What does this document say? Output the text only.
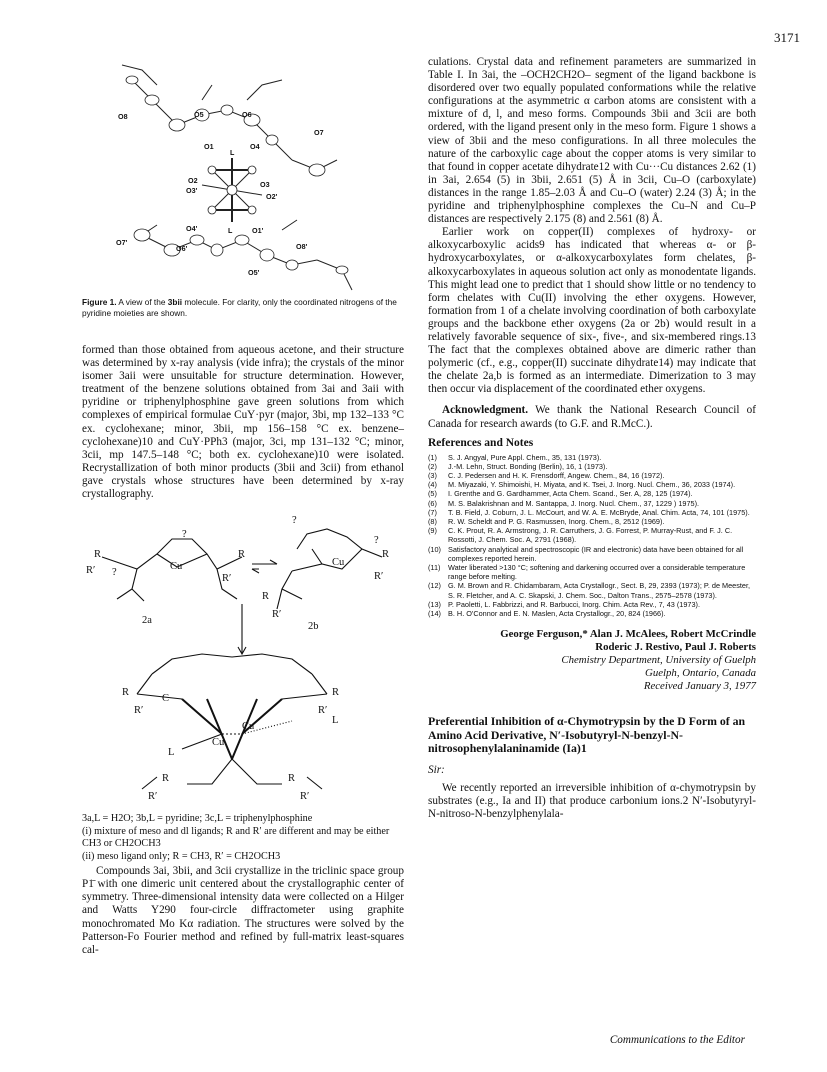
3171
O8	O5	O6
O7
O1
L
O4
O2
O3'
O3
O2'
O4'	L	O1'
O7'
O6'	O8'
O5'
Figure 1. A view of the 3bii molecule. For clarity, only the coordinated nitrogens of the pyridine moieties are shown.

formed than those obtained from aqueous acetone, and their structure was determined by x-ray analysis (vide infra); the crystals of the minor isomer 3aii were unsuitable for structure determination. However, treatment of the benzene solutions obtained from 3ai and 3aii with pyridine or triphenylphosphine gave green solutions from which complexes of empirical formulae CuY·pyr (major, 3bi, mp 132–133 °C ex. cyclohexane; minor, 3bii, mp 156–158 °C ex. benzene–cyclohexane)10 and CuY·PPh3 (major, 3ci, mp 131–132 °C; minor, 3cii, mp 147.5–148 °C; both ex. cyclohexane)10 were isolated. Recrystallization of both minor products (3bii and 3cii) from ethanol gave crystals whose structures have been determined by x-ray crystallography.

R
R′ ?
Cu
?
R
R′
2a
?
?
Cu
R
R′
R
R′
2b
R
R′
C
R
R′
Cu
Cu
L
L
R
R′
R
R′
3a,L = H2O; 3b,L = pyridine; 3c,L = triphenylphosphine
(i) mixture of meso and dl ligands; R and R′ are different and may be either CH3 or CH2OCH3
(ii) meso ligand only; R = CH3, R′ = CH2OCH3

Compounds 3ai, 3bii, and 3cii crystallize in the triclinic space group P1̄ with one dimeric unit centered about the crystallographic center of symmetry. Three-dimensional intensity data were collected on a Hilger and Watts Y290 four-circle diffractometer using graphite monochromated Mo Kα radiation. The structures were solved by the Patterson-Fo Fourier method and refined by full-matrix least-squares cal-

culations. Crystal data and refinement parameters are summarized in Table I. In 3ai, the –OCH2CH2O– segment of the ligand backbone is disordered over two equally populated conformations while the relative configurations at the asymmetric α carbon atoms are consistent with a mixture of d, l, and meso forms. Compounds 3bii and 3cii are both ordered, with the ligand present only in the meso form. Figure 1 shows a view of 3bii and the meso configurations. In all three molecules the nature of the carboxylic cage about the copper atoms is very similar to that found in copper acetate dihydrate12 with Cu···Cu distances 2.62 (1) in 3ai, 2.654 (5) in 3bii, 2.651 (5) Å in 3cii, Cu–O (carboxylate) distances in the range 1.85–2.03 Å and Cu–O (water) 2.24 (3) Å; in the pyridine and triphenylphosphine complexes the Cu–N and Cu–P distances are respectively 2.175 (8) and 2.561 (8) Å.

Earlier work on copper(II) complexes of hydroxy- or alkoxycarboxylic acids9 has indicated that whereas α- or β-hydroxycarboxylates, or α-alkoxycarboxylates form chelates, β-alkoxycarboxylates in aqueous solution act only as monodentate ligands. This might lead one to predict that 1 should show little or no tendency to form chelates with Cu(II) involving the ether oxygens. However, formation from 1 of a chelate involving coordination of both carboxylate groups and the backbone ether oxygens (2a or 2b) would result in a relatively favorable sequence of six-, five-, and six-membered rings.13 The fact that the complexes obtained above are dimeric rather than polymeric (cf., e.g., copper(II) succinate dihydrate14) may indicate that the chelate 2a,b is formed as an intermediate. Dimerization to 3 may then occur via displacement of the coordinated ether oxygens.

Acknowledgment. We thank the National Research Council of Canada for research awards (to G.F. and R.McC.).

References and Notes
(1) S. J. Angyal, Pure Appl. Chem., 35, 131 (1973).
(2) J.-M. Lehn, Struct. Bonding (Berlin), 16, 1 (1973).
(3) C. J. Pedersen and H. K. Frensdorff, Angew. Chem., 84, 16 (1972).
(4) M. Miyazaki, Y. Shimoishi, H. Miyata, and K. Tsei, J. Inorg. Nucl. Chem., 36, 2033 (1974).
(5) I. Grenthe and G. Gardhammer, Acta Chem. Scand., Ser. A, 28, 125 (1974).
(6) M. S. Balakrishnan and M. Santappa, J. Inorg. Nucl. Chem., 37, 1229 ) 1975).
(7) T. B. Field, J. Coburn, J. L. McCourt, and W. A. E. McBryde, Anal. Chim. Acta, 74, 101 (1975).
(8) R. W. Scheldt and P. G. Rasmussen, Inorg. Chem., 8, 2512 (1969).
(9) C. K. Prout, R. A. Armstrong, J. R. Carruthers, J. G. Forrest, P. Murray-Rust, and F. J. C. Rossotti, J. Chem. Soc. A, 2791 (1968).
(10) Satisfactory analytical and spectroscopic (IR and electronic) data have been obtained for all complexes reported herein.
(11) Water liberated >130 °C; softening and darkening occurred over a considerable temperature range before melting.
(12) G. M. Brown and R. Chidambaram, Acta Crystallogr., Sect. B, 29, 2393 (1973); P. de Meester, S. R. Fletcher, and A. C. Skapski, J. Chem. Soc., Dalton Trans., 2575–2578 (1973).
(13) P. Paoletti, L. Fabbrizzi, and R. Barbucci, Inorg. Chim. Acta Rev., 7, 43 (1973).
(14) B. H. O'Connor and E. N. Maslen, Acta Crystallogr., 20, 824 (1966).
George Ferguson,* Alan J. McAlees, Robert McCrindle
Roderic J. Restivo, Paul J. Roberts
Chemistry Department, University of Guelph
Guelph, Ontario, Canada
Received January 3, 1977
Preferential Inhibition of α-Chymotrypsin by the D Form of an Amino Acid Derivative, N′-Isobutyryl-N-benzyl-N-nitrosophenylalaninamide (Ia)1
Sir:

We recently reported an irreversible inhibition of α-chymotrypsin by substrates (e.g., Ia and II) that produce carbonium ions.2 N′-Isobutyryl-N-nitroso-N-benzylphenylala-

Communications to the Editor
